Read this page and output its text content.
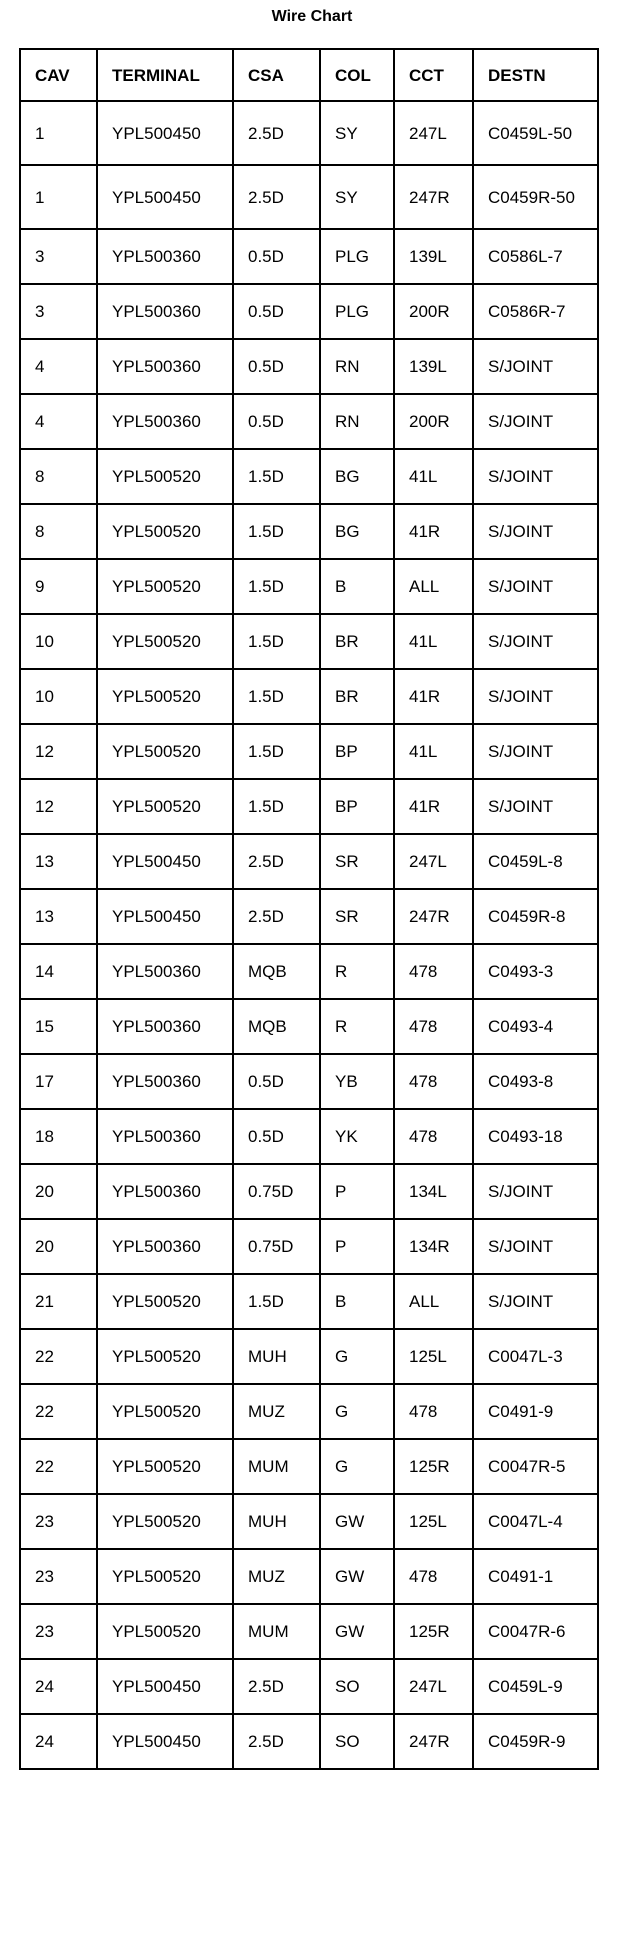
Wire Chart
CAV	TERMINAL	CSA	COL	CCT	DESTN
1	YPL500450	2.5D	SY	247L	C0459L-50
1	YPL500450	2.5D	SY	247R	C0459R-50
3	YPL500360	0.5D	PLG	139L	C0586L-7
3	YPL500360	0.5D	PLG	200R	C0586R-7
4	YPL500360	0.5D	RN	139L	S/JOINT
4	YPL500360	0.5D	RN	200R	S/JOINT
8	YPL500520	1.5D	BG	41L	S/JOINT
8	YPL500520	1.5D	BG	41R	S/JOINT
9	YPL500520	1.5D	B	ALL	S/JOINT
10	YPL500520	1.5D	BR	41L	S/JOINT
10	YPL500520	1.5D	BR	41R	S/JOINT
12	YPL500520	1.5D	BP	41L	S/JOINT
12	YPL500520	1.5D	BP	41R	S/JOINT
13	YPL500450	2.5D	SR	247L	C0459L-8
13	YPL500450	2.5D	SR	247R	C0459R-8
14	YPL500360	MQB	R	478	C0493-3
15	YPL500360	MQB	R	478	C0493-4
17	YPL500360	0.5D	YB	478	C0493-8
18	YPL500360	0.5D	YK	478	C0493-18
20	YPL500360	0.75D	P	134L	S/JOINT
20	YPL500360	0.75D	P	134R	S/JOINT
21	YPL500520	1.5D	B	ALL	S/JOINT
22	YPL500520	MUH	G	125L	C0047L-3
22	YPL500520	MUZ	G	478	C0491-9
22	YPL500520	MUM	G	125R	C0047R-5
23	YPL500520	MUH	GW	125L	C0047L-4
23	YPL500520	MUZ	GW	478	C0491-1
23	YPL500520	MUM	GW	125R	C0047R-6
24	YPL500450	2.5D	SO	247L	C0459L-9
24	YPL500450	2.5D	SO	247R	C0459R-9
